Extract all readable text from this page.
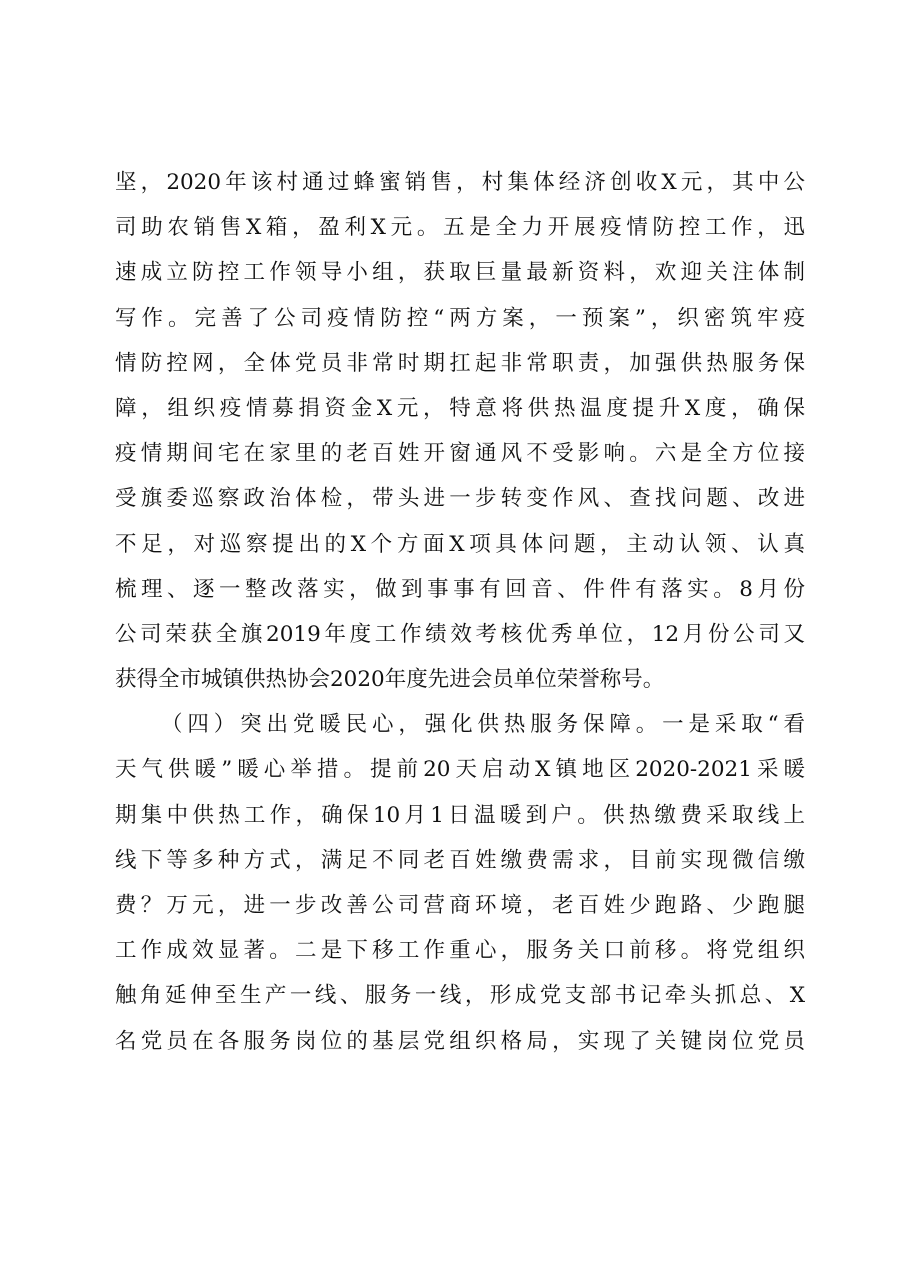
坚，2020年该村通过蜂蜜销售，村集体经济创收X元，其中公
司助农销售X箱，盈利X元。五是全力开展疫情防控工作，迅
速成立防控工作领导小组，获取巨量最新资料，欢迎关注体制
写作。完善了公司疫情防控“两方案，一预案”，织密筑牢疫
情防控网，全体党员非常时期扛起非常职责，加强供热服务保
障，组织疫情募捐资金X元，特意将供热温度提升X度，确保
疫情期间宅在家里的老百姓开窗通风不受影响。六是全方位接
受旗委巡察政治体检，带头进一步转变作风、查找问题、改进
不足，对巡察提出的X个方面X项具体问题，主动认领、认真
梳理、逐一整改落实，做到事事有回音、件件有落实。8月份
公司荣获全旗2019年度工作绩效考核优秀单位，12月份公司又
获得全市城镇供热协会2020年度先进会员单位荣誉称号。
（四）突出党暖民心，强化供热服务保障。一是采取“看
天气供暖”暖心举措。提前20天启动X镇地区2020-2021采暖
期集中供热工作，确保10月1日温暖到户。供热缴费采取线上
线下等多种方式，满足不同老百姓缴费需求，目前实现微信缴
费？万元，进一步改善公司营商环境，老百姓少跑路、少跑腿
工作成效显著。二是下移工作重心，服务关口前移。将党组织
触角延伸至生产一线、服务一线，形成党支部书记牵头抓总、X
名党员在各服务岗位的基层党组织格局，实现了关键岗位党员
